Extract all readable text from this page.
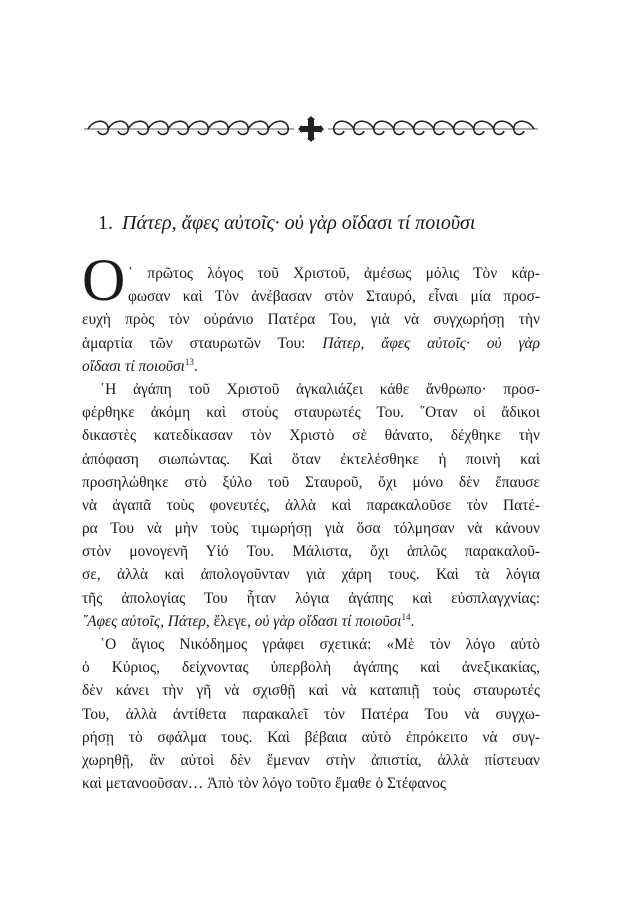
1. Πάτερ, ἄφες αὐτοῖς· οὐ γὰρ οἴδασι τί ποιοῦσι
Ο ῾ πρῶτος λόγος τοῦ Χριστοῦ, ἀμέσως μόλις Τὸν κάρ-
φωσαν καὶ Τὸν ἀνέβασαν στὸν Σταυρό, εἶναι μία προσ-
ευχὴ πρὸς τὸν οὐράνιο Πατέρα Του, γιὰ νὰ συγχωρήσῃ τὴν
ἁμαρτία τῶν σταυρωτῶν Του: Πάτερ, ἄφες αὐτοῖς· οὐ γὰρ
οἴδασι τί ποιοῦσι$^{13}$.
῾Η ἀγάπη τοῦ Χριστοῦ ἀγκαλιάζει κάθε ἄνθρωπο· προσ-
φέρθηκε ἀκόμη καὶ στοὺς σταυρωτές Του. ῞Οταν οἱ ἄδικοι
δικαστὲς κατεδίκασαν τὸν Χριστὸ σὲ θάνατο, δέχθηκε τὴν
ἀπόφαση σιωπώντας. Καὶ ὅταν ἐκτελέσθηκε ἡ ποινὴ καὶ
προσηλώθηκε στὸ ξύλο τοῦ Σταυροῦ, ὄχι μόνο δὲν ἔπαυσε
νὰ ἀγαπᾶ τοὺς φονευτές, ἀλλὰ καὶ παρακαλοῦσε τὸν Πατέ-
ρα Του νὰ μὴν τοὺς τιμωρήσῃ γιὰ ὅσα τόλμησαν νὰ κάνουν
στὸν μονογενῆ Υἱό Του. Μάλιστα, ὄχι ἁπλῶς παρακαλοῦ-
σε, ἀλλὰ καὶ ἀπολογοῦνταν γιὰ χάρη τους. Καὶ τὰ λόγια
τῆς ἀπολογίας Του ἦταν λόγια ἀγάπης καὶ εὐσπλαγχνίας:
῎Αφες αὐτοῖς, Πάτερ, ἔλεγε, οὐ γὰρ οἴδασι τί ποιοῦσι$^{14}$.
῾Ο ἅγιος Νικόδημος γράφει σχετικά: «Μὲ τὸν λόγο αὐτὸ
ὁ Κύριος, δείχνοντας ὑπερβολὴ ἀγάπης καὶ ἀνεξικακίας,
δὲν κάνει τὴν γῆ νὰ σχισθῇ καὶ νὰ καταπιῇ τοὺς σταυρωτές
Του, ἀλλὰ ἀντίθετα παρακαλεῖ τὸν Πατέρα Του νὰ συγχω-
ρήσῃ τὸ σφάλμα τους. Καὶ βέβαια αὐτὸ ἐπρόκειτο νὰ συγ-
χωρηθῇ, ἂν αὐτοὶ δὲν ἔμεναν στὴν ἀπιστία, ἀλλὰ πίστευαν
καὶ μετανοοῦσαν… Ἀπὸ τὸν λόγο τοῦτο ἔμαθε ὁ Στέφανος
